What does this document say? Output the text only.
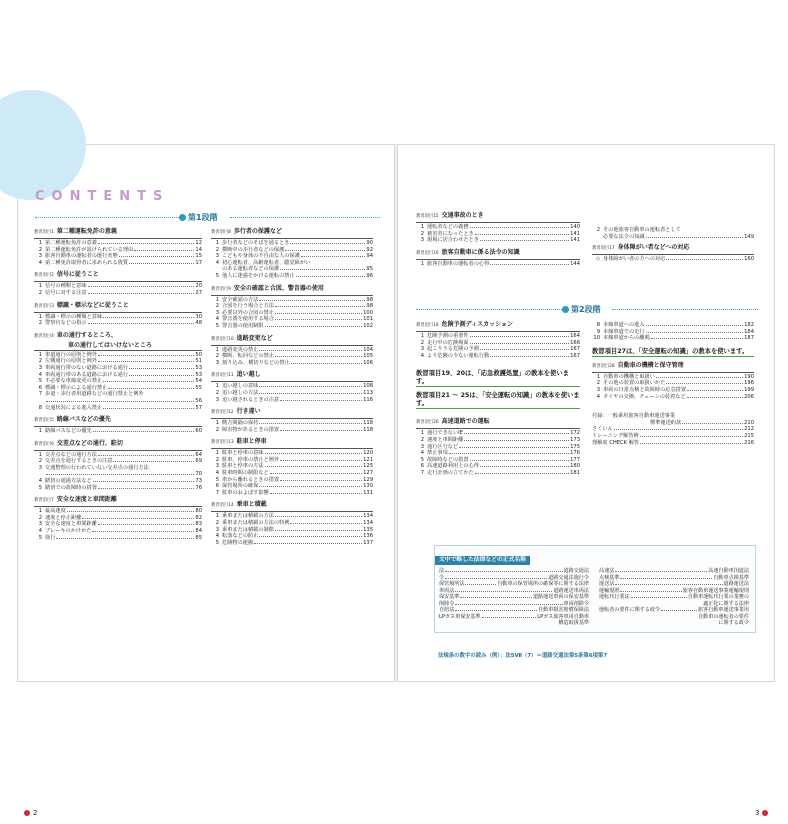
CONTENTS
第1段階
教習項目1 第二種運転免許の意義
1 第二種運転免許の意義	12
2 第二種運転免許が設けられている理由	14
3 旅客自動車の運転者の運行実態	15
4 第二種免許取得者に求められる資質	17
教習項目2 信号に従うこと
1 信号の種類と意味	20
2 信号に対する注意	27
教習項目3 標識・標示などに従うこと
1 標識・標示の種類と意味	30
2 警察官などの指示	48
教習項目4 車の通行するところ、
車の通行してはいけないところ
1 車道通行の原則と例外	50
2 左側通行の原則と例外	51
3 車両通行帯のない道路における通行	53
4 車両通行帯のある道路における通行	53
5 不必要な車線変更の禁止	54
6 標識・標示による通行禁止	55
7 歩道・歩行者用道路などの通行禁止と例外
56
8 交通状況による進入禁止	57
教習項目5 路線バスなどの優先
1 路線バスなどの優先	60
教習項目6 交差点などの通行、駐切
1 交差点などの通行方法	64
2 交差点を通行するときの注意	69
3 交通整理の行われていない交差点の通行方法
70
4 踏切の通過方法など	73
5 踏切での故障時の措置	76
教習項目7 安全な速度と車間距離
1 最高速度	80
2 速度と停止距離	82
3 安全な速度と車間距離	83
4 ブレーキのかけかた	84
5 徐行	85
教習項目8 歩行者の保護など
1 歩行者などのそばを通るとき	90
2 横断中の歩行者などの保護	92
3 こどもや身体の不自由な人の保護	94
4 初心運転者、高齢運転者、聴覚障がい
のある運転者などの保護	95
5 他人に迷惑をかける運転の禁止	96
教習項目9 安全の確認と合図、警音器の使用
1 安全確認の方法	98
2 合図を行う場合と方法	98
3 必要以外の合図の禁止	100
4 警音器を使用する場合	101
5 警音器の使用制限	102
教習項目10 進路変更など
1 進路変更の禁止	104
2 横断、転回などの禁止	105
3 割り込み、横切りなどの禁止	106
教習項目11 追い越し
1 追い越しの意味	108
2 追い越しの方法	113
3 追い越されるときの注意	116
教習項目12 行き違い
1 側方間隔の保持	118
2 障害物があるときの措置	118
教習項目13 駐車と停車
1 駐車と停車の意味	120
2 駐車、停車の禁止と例外	121
3 駐車と停車の方法	125
4 駐車時間の制限など	127
5 車から離れるときの措置	129
6 保管場所の確保	130
7 駐車のおよぼす影響	131
教習項目14 乗車と積載
1 乗車または積載の方法	134
2 乗車または積載の方法の特例	134
3 乗車または積載の制限	135
4 転落などの防止	136
5 危険物の運搬	137
2
教習項目15 交通事故のとき
1 運転者などの義務	140
2 被害者になったとき	141
3 現場に居合わせたとき	141
教習項目16 旅客自動車に係る法令の知識
1 旅客自動車の運転者の心得	144
2 その他旅客自動車の運転者として
必要な法令の知識	149
教習項目17 身体障がい者などへの対応
◇ 身体障がい者の方への対応	160
第2段階
教習項目18 危険予測ディスカッション
1 危険予測の重要性	164
2 走行中の危険場面	166
3 起こりうる危険の予測	167
4 より危険の少ない運転行動	167
教習項目19、20は、「応急救護処置」の教本を使います。
教習項目21 ～ 25は、「安全運転の知識」の教本を使います。
教習項目26 高速道路での運転
1 通行できないIE	172
2 速度と車間距離	173
3 通行区分など	175
4 禁止事項	176
5 故障時などの措置	177
6 高速道路利用上の心得	180
7 走行計画の立てかた	181
8 本線車道への進入	182
9 本線車道での走行	184
10 本線車道からの離脱	187
教習項目27は、「安全運転の知識」の教本を使います。
教習項目28 自動車の機構と保守管理
1 自動車の機構と取扱い	190
2 その他の装置の取扱いかた	196
3 車両の日常点検と故障時の応急措置	199
4 タイヤの交換、チェーンの装着など	206
付録：一般乗用旅客自動車運送事業
標準運送約款	210
さくいん	212
トレーニング解答例	215
理解度 CHECK 解答	216
3
文中で略した法律などの正式名称
法	道路交通法
令	道路交通法施行令
保管場所法	自動車の保管場所の確保等に関する法律
車両法	道路運送車両法
保安基準	道路運送車両の保安基準
削除令	車両削除令
自賠法	自動車損害賠償保障法
LPガス車保安基準	LPガス旅客車用自動車
構造取扱基準
高速法	高速自動車国道法
点検基準	自動車点検基準
運送法	道路運送法
運輸規則	旅客自動車運送事業運輸規則
運転代行業法	自動車運転代行業の業務の
適正化に関する法律
運転者の要件に関する政令	旅客自動車運送事業用
自動車の運転者の要件
に関する政令
法規条の数字の読み（例）：法5Ⅶ（7）＝道路交通法第5条第6項第7
